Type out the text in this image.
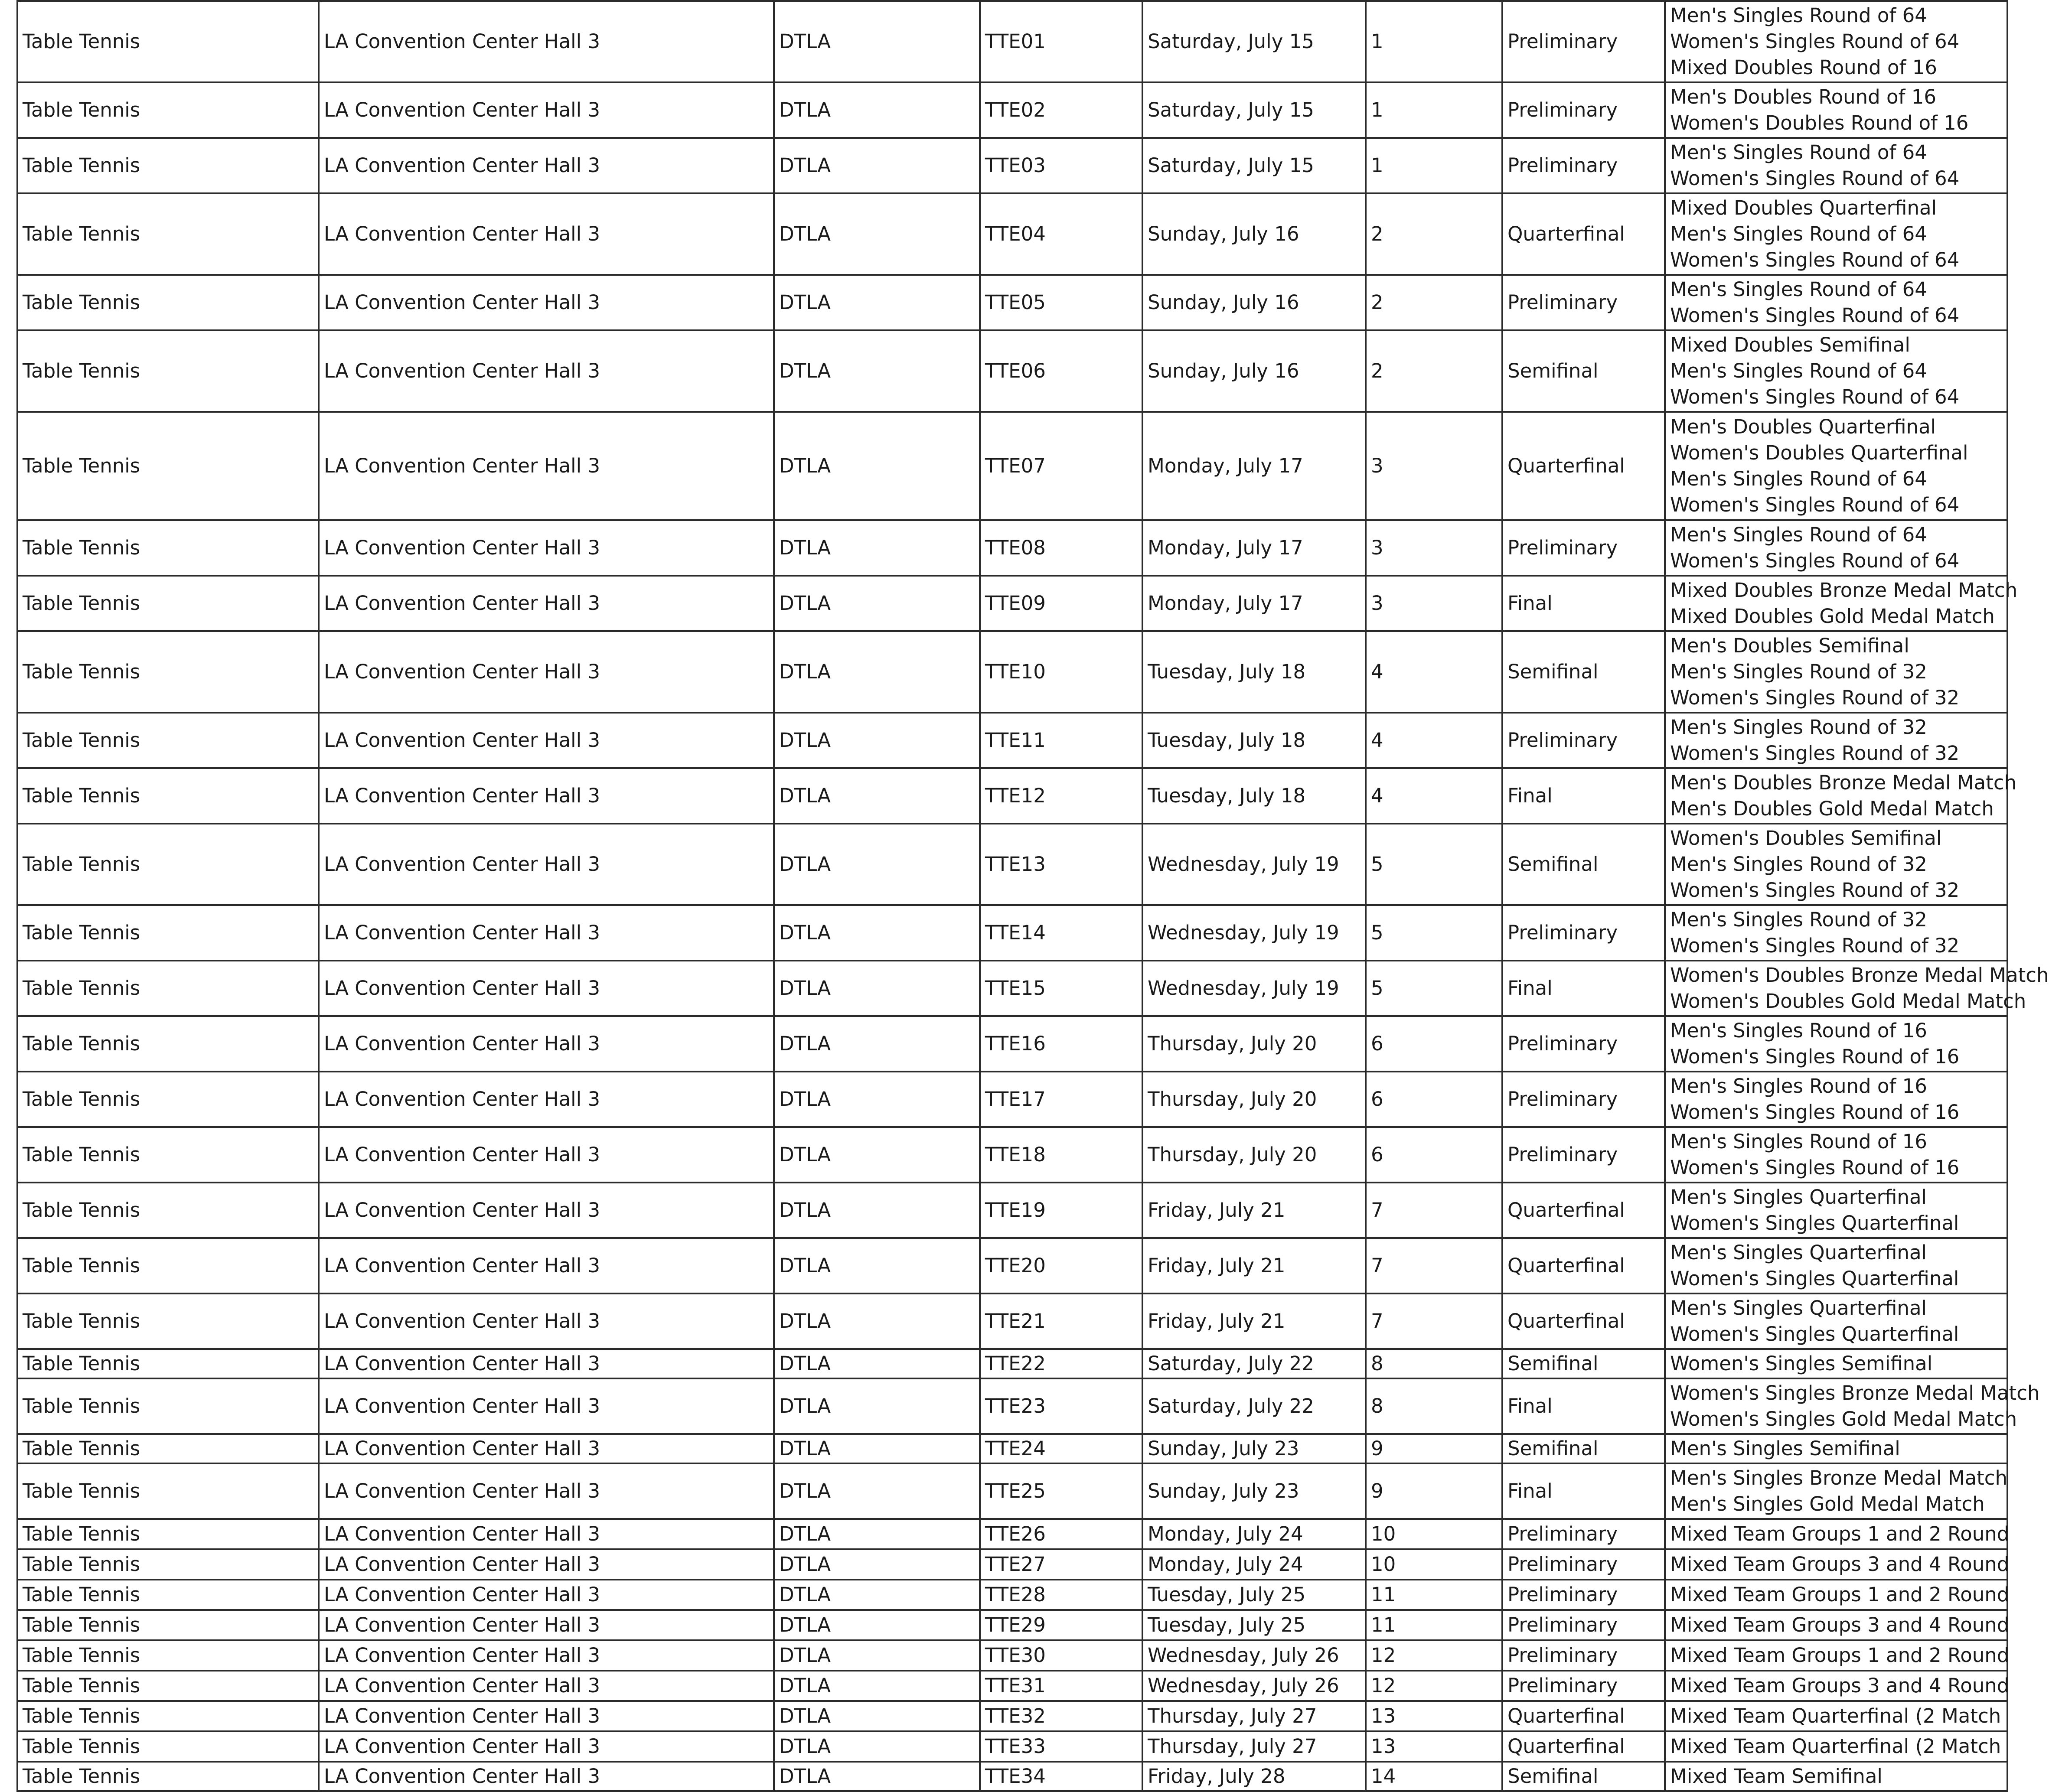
Table Tennis	LA Convention Center Hall 3	DTLA	TTE01	Saturday, July 15	1	Preliminary	Men's Singles Round of 64
Women's Singles Round of 64
Mixed Doubles Round of 16

Table Tennis	LA Convention Center Hall 3	DTLA	TTE02	Saturday, July 15	1	Preliminary	Men's Doubles Round of 16
Women's Doubles Round of 16

Table Tennis	LA Convention Center Hall 3	DTLA	TTE03	Saturday, July 15	1	Preliminary	Men's Singles Round of 64
Women's Singles Round of 64

Table Tennis	LA Convention Center Hall 3	DTLA	TTE04	Sunday, July 16	2	Quarterfinal	Mixed Doubles Quarterfinal
Men's Singles Round of 64
Women's Singles Round of 64

Table Tennis	LA Convention Center Hall 3	DTLA	TTE05	Sunday, July 16	2	Preliminary	Men's Singles Round of 64
Women's Singles Round of 64

Table Tennis	LA Convention Center Hall 3	DTLA	TTE06	Sunday, July 16	2	Semifinal	Mixed Doubles Semifinal
Men's Singles Round of 64
Women's Singles Round of 64

Table Tennis	LA Convention Center Hall 3	DTLA	TTE07	Monday, July 17	3	Quarterfinal	Men's Doubles Quarterfinal
Women's Doubles Quarterfinal
Men's Singles Round of 64
Women's Singles Round of 64

Table Tennis	LA Convention Center Hall 3	DTLA	TTE08	Monday, July 17	3	Preliminary	Men's Singles Round of 64
Women's Singles Round of 64

Table Tennis	LA Convention Center Hall 3	DTLA	TTE09	Monday, July 17	3	Final	Mixed Doubles Bronze Medal Match
Mixed Doubles Gold Medal Match

Table Tennis	LA Convention Center Hall 3	DTLA	TTE10	Tuesday, July 18	4	Semifinal	Men's Doubles Semifinal
Men's Singles Round of 32
Women's Singles Round of 32

Table Tennis	LA Convention Center Hall 3	DTLA	TTE11	Tuesday, July 18	4	Preliminary	Men's Singles Round of 32
Women's Singles Round of 32

Table Tennis	LA Convention Center Hall 3	DTLA	TTE12	Tuesday, July 18	4	Final	Men's Doubles Bronze Medal Match
Men's Doubles Gold Medal Match

Table Tennis	LA Convention Center Hall 3	DTLA	TTE13	Wednesday, July 19	5	Semifinal	Women's Doubles Semifinal
Men's Singles Round of 32
Women's Singles Round of 32

Table Tennis	LA Convention Center Hall 3	DTLA	TTE14	Wednesday, July 19	5	Preliminary	Men's Singles Round of 32
Women's Singles Round of 32

Table Tennis	LA Convention Center Hall 3	DTLA	TTE15	Wednesday, July 19	5	Final	Women's Doubles Bronze Medal Match
Women's Doubles Gold Medal Match

Table Tennis	LA Convention Center Hall 3	DTLA	TTE16	Thursday, July 20	6	Preliminary	Men's Singles Round of 16
Women's Singles Round of 16

Table Tennis	LA Convention Center Hall 3	DTLA	TTE17	Thursday, July 20	6	Preliminary	Men's Singles Round of 16
Women's Singles Round of 16

Table Tennis	LA Convention Center Hall 3	DTLA	TTE18	Thursday, July 20	6	Preliminary	Men's Singles Round of 16
Women's Singles Round of 16

Table Tennis	LA Convention Center Hall 3	DTLA	TTE19	Friday, July 21	7	Quarterfinal	Men's Singles Quarterfinal
Women's Singles Quarterfinal

Table Tennis	LA Convention Center Hall 3	DTLA	TTE20	Friday, July 21	7	Quarterfinal	Men's Singles Quarterfinal
Women's Singles Quarterfinal

Table Tennis	LA Convention Center Hall 3	DTLA	TTE21	Friday, July 21	7	Quarterfinal	Men's Singles Quarterfinal
Women's Singles Quarterfinal

Table Tennis	LA Convention Center Hall 3	DTLA	TTE22	Saturday, July 22	8	Semifinal	Women's Singles Semifinal

Table Tennis	LA Convention Center Hall 3	DTLA	TTE23	Saturday, July 22	8	Final	Women's Singles Bronze Medal Match
Women's Singles Gold Medal Match

Table Tennis	LA Convention Center Hall 3	DTLA	TTE24	Sunday, July 23	9	Semifinal	Men's Singles Semifinal

Table Tennis	LA Convention Center Hall 3	DTLA	TTE25	Sunday, July 23	9	Final	Men's Singles Bronze Medal Match
Men's Singles Gold Medal Match

Table Tennis	LA Convention Center Hall 3	DTLA	TTE26	Monday, July 24	10	Preliminary	Mixed Team Groups 1 and 2 Round

Table Tennis	LA Convention Center Hall 3	DTLA	TTE27	Monday, July 24	10	Preliminary	Mixed Team Groups 3 and 4 Round

Table Tennis	LA Convention Center Hall 3	DTLA	TTE28	Tuesday, July 25	11	Preliminary	Mixed Team Groups 1 and 2 Round

Table Tennis	LA Convention Center Hall 3	DTLA	TTE29	Tuesday, July 25	11	Preliminary	Mixed Team Groups 3 and 4 Round

Table Tennis	LA Convention Center Hall 3	DTLA	TTE30	Wednesday, July 26	12	Preliminary	Mixed Team Groups 1 and 2 Round

Table Tennis	LA Convention Center Hall 3	DTLA	TTE31	Wednesday, July 26	12	Preliminary	Mixed Team Groups 3 and 4 Round

Table Tennis	LA Convention Center Hall 3	DTLA	TTE32	Thursday, July 27	13	Quarterfinal	Mixed Team Quarterfinal (2 Match

Table Tennis	LA Convention Center Hall 3	DTLA	TTE33	Thursday, July 27	13	Quarterfinal	Mixed Team Quarterfinal (2 Match

Table Tennis	LA Convention Center Hall 3	DTLA	TTE34	Friday, July 28	14	Semifinal	Mixed Team Semifinal
